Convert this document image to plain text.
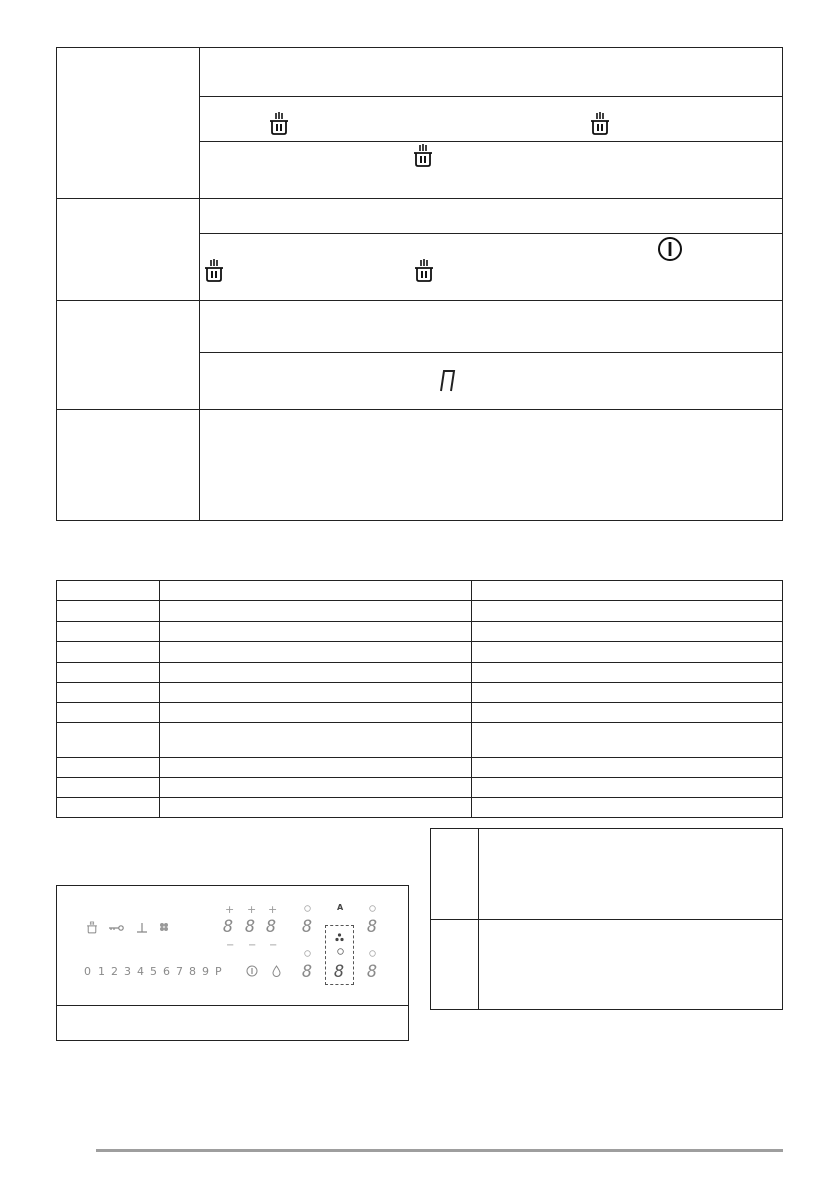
0 1 2 3 4 5 6 7 8 9 P
+ + +
8 8 8
− − −
8
8
A
8
8
8
